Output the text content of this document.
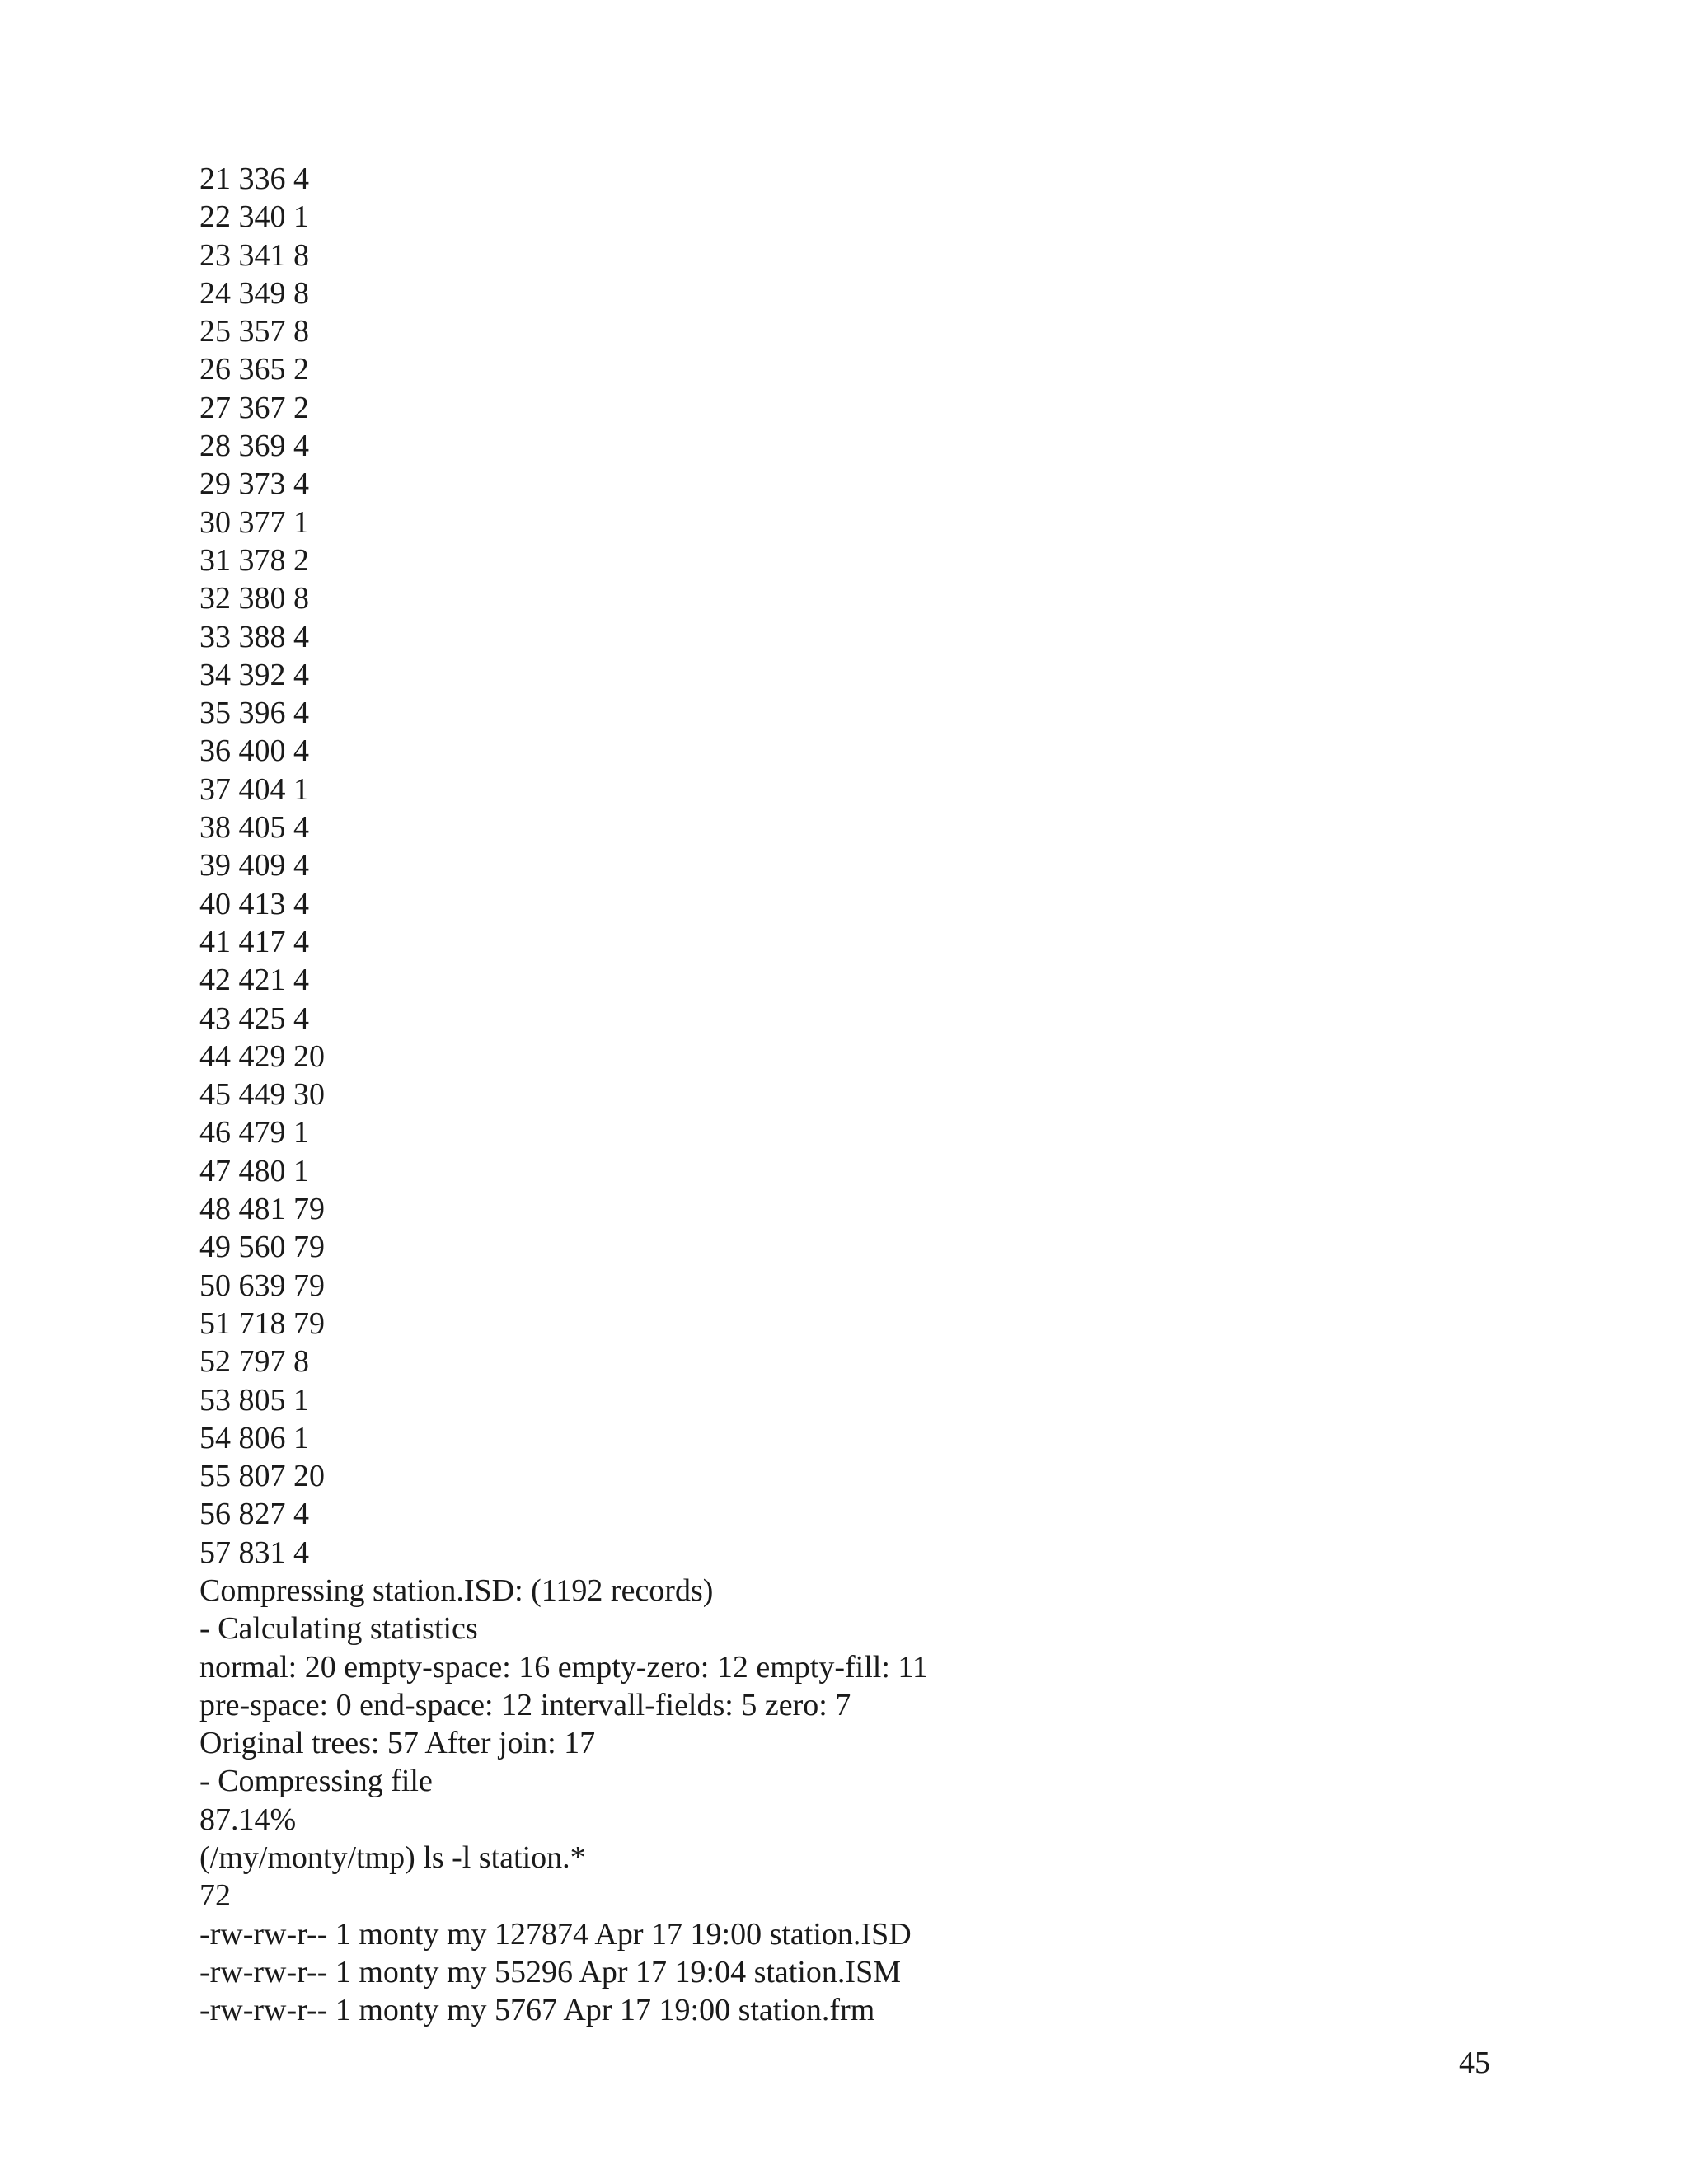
21 336 4
22 340 1
23 341 8
24 349 8
25 357 8
26 365 2
27 367 2
28 369 4
29 373 4
30 377 1
31 378 2
32 380 8
33 388 4
34 392 4
35 396 4
36 400 4
37 404 1
38 405 4
39 409 4
40 413 4
41 417 4
42 421 4
43 425 4
44 429 20
45 449 30
46 479 1
47 480 1
48 481 79
49 560 79
50 639 79
51 718 79
52 797 8
53 805 1
54 806 1
55 807 20
56 827 4
57 831 4
Compressing station.ISD: (1192 records)
- Calculating statistics
normal: 20 empty-space: 16 empty-zero: 12 empty-fill: 11
pre-space: 0 end-space: 12 intervall-fields: 5 zero: 7
Original trees: 57 After join: 17
- Compressing file
87.14%
(/my/monty/tmp) ls -l station.*
72
-rw-rw-r-- 1 monty my 127874 Apr 17 19:00 station.ISD
-rw-rw-r-- 1 monty my 55296 Apr 17 19:04 station.ISM
-rw-rw-r-- 1 monty my 5767 Apr 17 19:00 station.frm
45
